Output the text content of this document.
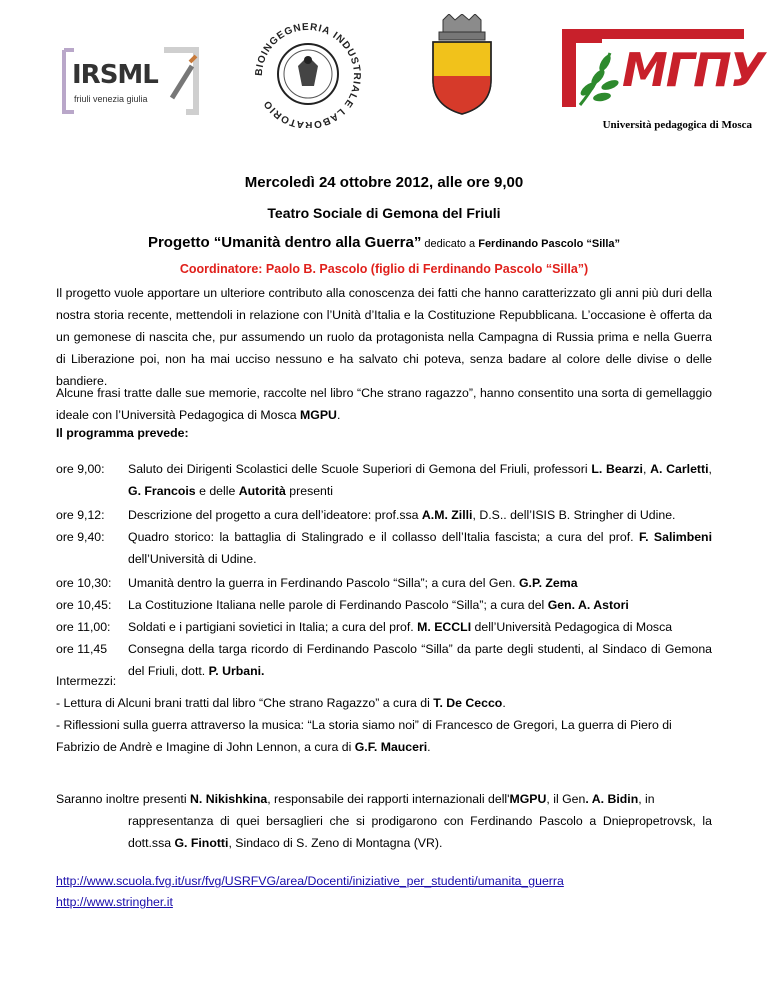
IRSML
friuli venezia giulia
BIOINGEGNERIA INDUSTRIALE LABORATORIO
МГПУ
Università pedagogica di Mosca
Mercoledì 24 ottobre 2012, alle ore 9,00
Teatro Sociale di Gemona del Friuli
Progetto “Umanità dentro alla Guerra” dedicato a Ferdinando Pascolo “Silla”
Coordinatore: Paolo B. Pascolo (figlio di Ferdinando Pascolo “Silla”)
Il progetto vuole apportare un ulteriore contributo alla conoscenza dei fatti che hanno caratterizzato gli anni più duri della nostra storia recente, mettendoli in relazione con l’Unità d’Italia e la Costituzione Repubblicana. L’occasione è offerta da un gemonese di nascita che, pur assumendo un ruolo da protagonista nella Campagna di Russia prima e nella Guerra di Liberazione poi, non ha mai ucciso nessuno e ha salvato chi poteva, senza badare al colore delle divise o delle bandiere.
Alcune frasi tratte dalle sue memorie, raccolte nel libro “Che strano ragazzo”, hanno consentito una sorta di gemellaggio ideale con l’Università Pedagogica di Mosca MGPU.
Il programma prevede:
ore 9,00:	Saluto dei Dirigenti Scolastici delle Scuole Superiori di Gemona del Friuli, professori L. Bearzi, A. Carletti, G. Francois e delle Autorità presenti
ore 9,12:	Descrizione del progetto a cura dell’ideatore: prof.ssa A.M. Zilli, D.S.. dell’ISIS B. Stringher di Udine.
ore 9,40:	Quadro storico: la battaglia di Stalingrado e il collasso dell’Italia fascista; a cura del prof. F. Salimbeni dell’Università di Udine.
ore 10,30:	Umanità dentro la guerra in Ferdinando Pascolo “Silla”; a cura del Gen. G.P. Zema
ore 10,45:	La Costituzione Italiana nelle parole di Ferdinando Pascolo “Silla”; a cura del Gen. A. Astori
ore 11,00:	Soldati e i partigiani sovietici in Italia; a cura del prof. M. ECCLI dell’Università Pedagogica di Mosca
ore 11,45	Consegna della targa ricordo di Ferdinando Pascolo “Silla” da parte degli studenti, al Sindaco di Gemona del Friuli, dott. P. Urbani.
Intermezzi:
- Lettura di Alcuni brani tratti dal libro “Che strano Ragazzo” a cura di T. De Cecco.
- Riflessioni sulla guerra attraverso la musica: “La storia siamo noi” di Francesco de Gregori, La guerra di Piero di Fabrizio de Andrè e Imagine di John Lennon, a cura di G.F. Mauceri.
Saranno inoltre presenti N. Nikishkina, responsabile dei rapporti internazionali dell'MGPU, il Gen. A. Bidin, in
rappresentanza di quei bersaglieri che si prodigarono con Ferdinando Pascolo a Dniepropetrovsk, la dott.ssa G. Finotti, Sindaco di S. Zeno di Montagna (VR).
http://www.scuola.fvg.it/usr/fvg/USRFVG/area/Docenti/iniziative_per_studenti/umanita_guerra
http://www.stringher.it
